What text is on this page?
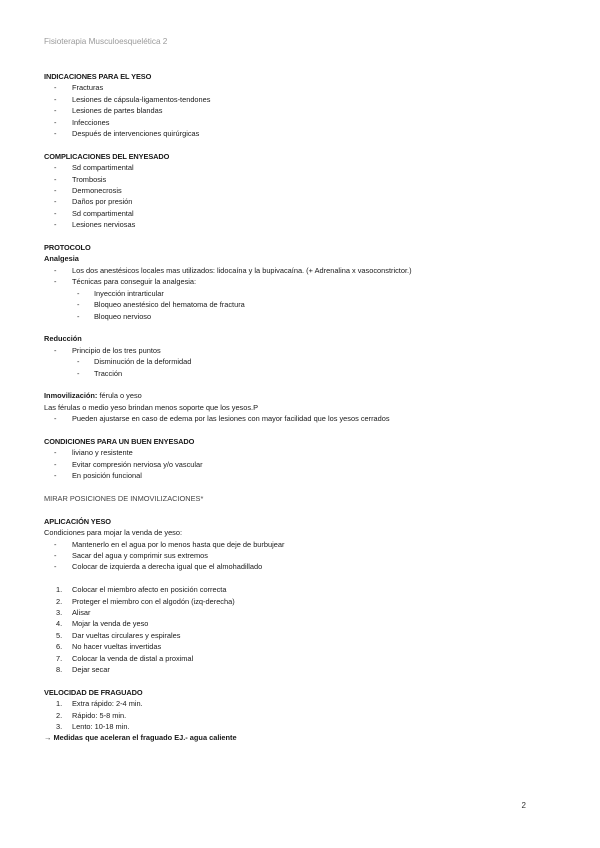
Fisioterapia Musculoesquelética 2
INDICACIONES PARA EL YESO
- Fracturas
- Lesiones de cápsula-ligamentos-tendones
- Lesiones de partes blandas
- Infecciones
- Después de intervenciones quirúrgicas
COMPLICACIONES DEL ENYESADO
- Sd compartimental
- Trombosis
- Dermonecrosis
- Daños por presión
- Sd compartimental
- Lesiones nerviosas
PROTOCOLO
Analgesia
- Los dos anestésicos locales mas utilizados: lidocaína y la bupivacaína. (+ Adrenalina x vasoconstrictor.)
- Técnicas para conseguir la analgesia:
- Inyección intrarticular
- Bloqueo anestésico del hematoma de fractura
- Bloqueo nervioso
Reducción
- Principio de los tres puntos
- Disminución de la deformidad
- Tracción
Inmovilización: férula o yeso
Las férulas o medio yeso brindan menos soporte que los yesos.P
- Pueden ajustarse en caso de edema por las lesiones con mayor facilidad que los yesos cerrados
CONDICIONES PARA UN BUEN ENYESADO
- liviano y resistente
- Evitar compresión nerviosa y/o vascular
- En posición funcional
MIRAR POSICIONES DE INMOVILIZACIONES*
APLICACIÓN YESO
Condiciones para mojar la venda de yeso:
- Mantenerlo en el agua por lo menos hasta que deje de burbujear
- Sacar del agua y comprimir sus extremos
- Colocar de izquierda a derecha igual que el almohadillado
1. Colocar el miembro afecto en posición correcta
2. Proteger el miembro con el algodón (izq-derecha)
3. Alisar
4. Mojar la venda de yeso
5. Dar vueltas circulares y espirales
6. No hacer vueltas invertidas
7. Colocar la venda de distal a proximal
8. Dejar secar
VELOCIDAD DE FRAGUADO
1. Extra rápido: 2-4 min.
2. Rápido: 5-8 min.
3. Lento: 10-18 min.
→ Medidas que aceleran el fraguado EJ.- agua caliente
2
